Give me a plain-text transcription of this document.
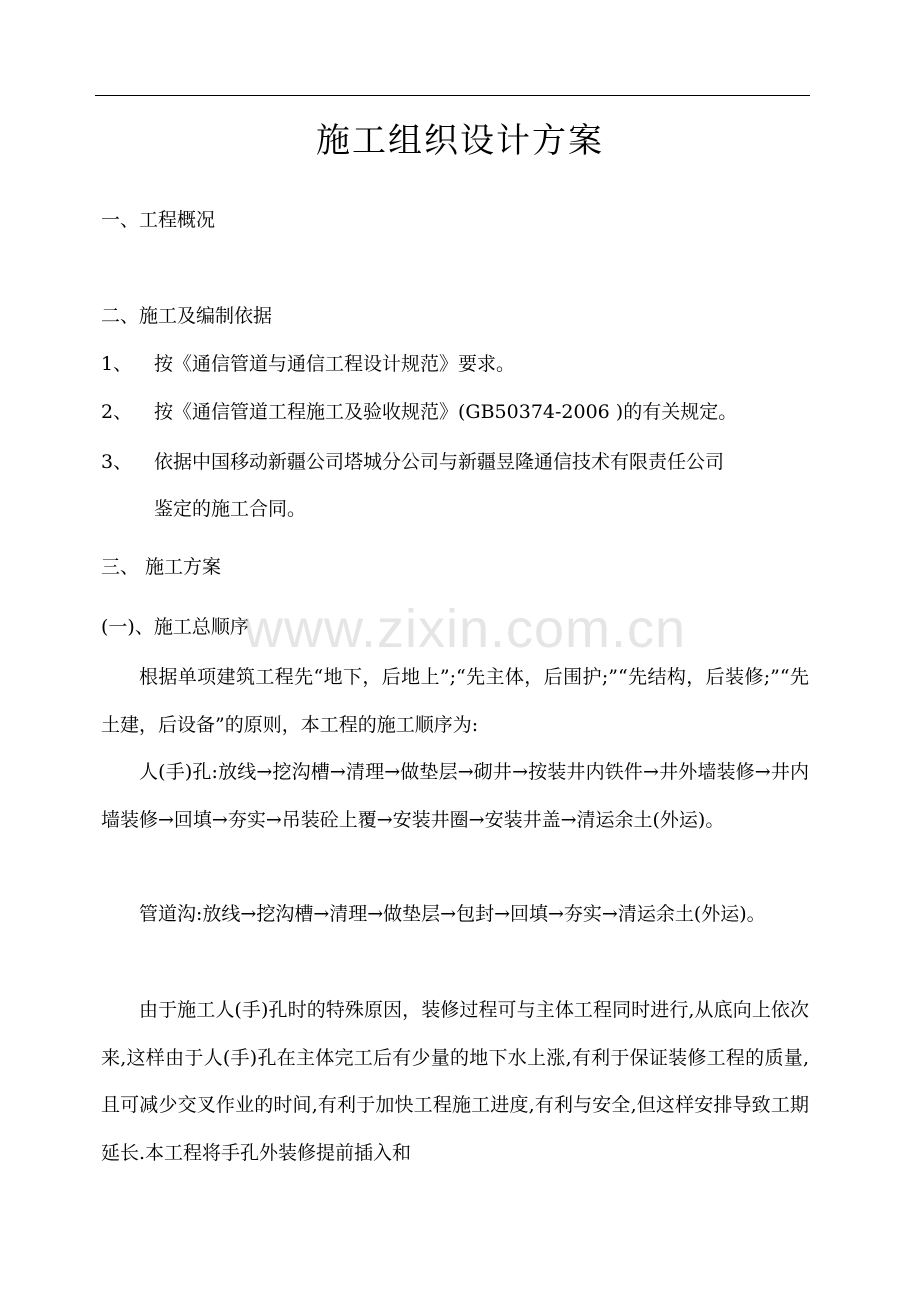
施工组织设计方案
一、工程概况
二、施工及编制依据
1、 按《通信管道与通信工程设计规范》要求。
2、 按《通信管道工程施工及验收规范》(GB50374-2006 )的有关规定。
3、 依据中国移动新疆公司塔城分公司与新疆昱隆通信技术有限责任公司
鉴定的施工合同。
三、 施工方案
(一)、施工总顺序
根据单项建筑工程先“地下，后地上”;“先主体，后围护;”“先结构，后装修;”“先土建，后设备”的原则，本工程的施工顺序为:
人(手)孔:放线→挖沟槽→清理→做垫层→砌井→按装井内铁件→井外墙装修→井内墙装修→回填→夯实→吊装砼上覆→安装井圈→安装井盖→清运余土(外运)。
管道沟:放线→挖沟槽→清理→做垫层→包封→回填→夯实→清运余土(外运)。
由于施工人(手)孔时的特殊原因，装修过程可与主体工程同时进行,从底向上依次来,这样由于人(手)孔在主体完工后有少量的地下水上涨,有利于保证装修工程的质量,且可减少交叉作业的时间,有利于加快工程施工进度,有利与安全,但这样安排导致工期延长.本工程将手孔外装修提前插入和
www.zixin.com.cn
